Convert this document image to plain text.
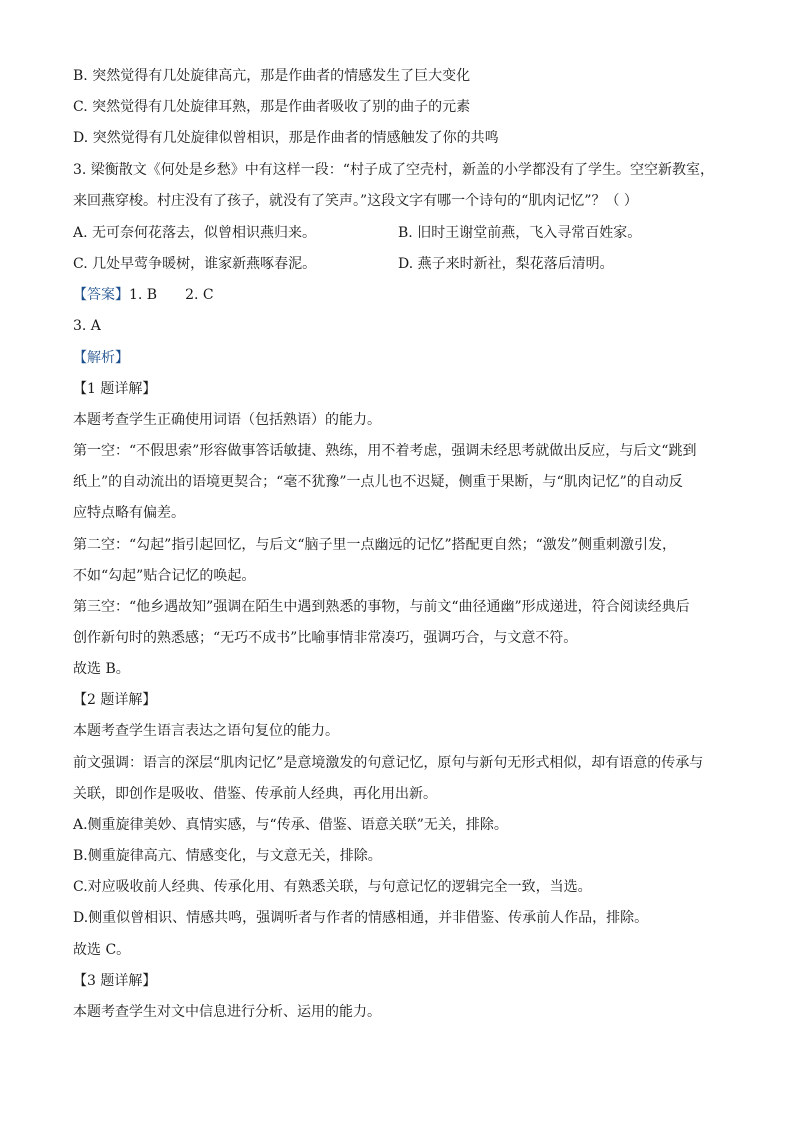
B. 突然觉得有几处旋律高亢，那是作曲者的情感发生了巨大变化
C. 突然觉得有几处旋律耳熟，那是作曲者吸收了别的曲子的元素
D. 突然觉得有几处旋律似曾相识，那是作曲者的情感触发了你的共鸣
3. 梁衡散文《何处是乡愁》中有这样一段：“村子成了空壳村，新盖的小学都没有了学生。空空新教室，
来回燕穿梭。村庄没有了孩子，就没有了笑声。”这段文字有哪一个诗句的“肌肉记忆”？（ ）
A. 无可奈何花落去，似曾相识燕归来。	B. 旧时王谢堂前燕，飞入寻常百姓家。
C. 几处早莺争暖树，谁家新燕啄春泥。	D. 燕子来时新社，梨花落后清明。
【答案】1. B 2. C
3. A
【解析】
【1 题详解】
本题考查学生正确使用词语（包括熟语）的能力。
第一空：“不假思索”形容做事答话敏捷、熟练，用不着考虑，强调未经思考就做出反应，与后文“跳到
纸上”的自动流出的语境更契合；“毫不犹豫”一点儿也不迟疑，侧重于果断，与“肌肉记忆”的自动反
应特点略有偏差。
第二空：“勾起”指引起回忆，与后文“脑子里一点幽远的记忆”搭配更自然；“激发”侧重刺激引发，
不如“勾起”贴合记忆的唤起。
第三空：“他乡遇故知”强调在陌生中遇到熟悉的事物，与前文“曲径通幽”形成递进，符合阅读经典后
创作新句时的熟悉感；“无巧不成书”比喻事情非常凑巧，强调巧合，与文意不符。
故选 B。
【2 题详解】
本题考查学生语言表达之语句复位的能力。
前文强调：语言的深层“肌肉记忆”是意境激发的句意记忆，原句与新句无形式相似，却有语意的传承与
关联，即创作是吸收、借鉴、传承前人经典，再化用出新。
A.侧重旋律美妙、真情实感，与“传承、借鉴、语意关联”无关，排除。
B.侧重旋律高亢、情感变化，与文意无关，排除。
C.对应吸收前人经典、传承化用、有熟悉关联，与句意记忆的逻辑完全一致，当选。
D.侧重似曾相识、情感共鸣，强调听者与作者的情感相通，并非借鉴、传承前人作品，排除。
故选 C。
【3 题详解】
本题考查学生对文中信息进行分析、运用的能力。
